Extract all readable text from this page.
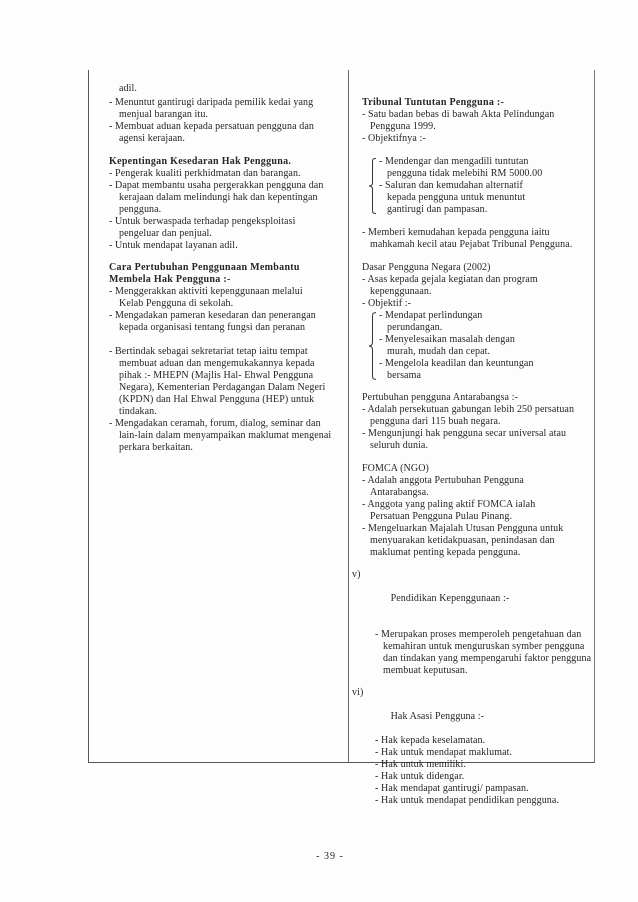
adil.
- Menuntut gantirugi daripada pemilik kedai yang
menjual barangan itu.
- Membuat aduan kepada persatuan pengguna dan
agensi kerajaan.
Kepentingan Kesedaran Hak Pengguna.
- Pengerak kualiti perkhidmatan dan barangan.
- Dapat membantu usaha pergerakkan pengguna dan
kerajaan dalam melindungi hak dan kepentingan
pengguna.
- Untuk berwaspada terhadap pengeksploitasi
pengeluar dan penjual.
- Untuk mendapat layanan adil.
Cara Pertubuhan Penggunaan Membantu
Membela Hak Pengguna :-
- Menggerakkan aktiviti kepenggunaan melalui
Kelab Pengguna di sekolah.
- Mengadakan pameran kesedaran dan penerangan
kepada organisasi tentang fungsi dan peranan
- Bertindak sebagai sekretariat tetap iaitu tempat
membuat aduan dan mengemukakannya kepada
pihak :- MHEPN (Majlis Hal- Ehwal Pengguna
Negara), Kementerian Perdagangan Dalam Negeri
(KPDN) dan Hal Ehwal Pengguna (HEP) untuk
tindakan.
- Mengadakan ceramah, forum, dialog, seminar dan
lain-lain dalam menyampaikan maklumat mengenai
perkara berkaitan.
Tribunal Tuntutan Pengguna :-
- Satu badan bebas di bawah Akta Pelindungan
Pengguna 1999.
- Objektifnya :-
- Mendengar dan mengadili tuntutan
pengguna tidak melebihi RM 5000.00
- Saluran dan kemudahan alternatif
kepada pengguna untuk menuntut
gantirugi dan pampasan.
- Memberi kemudahan kepada pengguna iaitu
mahkamah kecil atau Pejabat Tribunal Pengguna.
Dasar Pengguna Negara (2002)
- Asas kepada gejala kegiatan dan program
kepenggunaan.
- Objektif :-
- Mendapat perlindungan
perundangan.
- Menyelesaikan masalah dengan
murah, mudah dan cepat.
- Mengelola keadilan dan keuntungan
bersama
Pertubuhan pengguna Antarabangsa :-
- Adalah persekutuan gabungan lebih 250 persatuan
pengguna dari 115 buah negara.
- Mengunjungi hak pengguna secar universal atau
seluruh dunia.
FOMCA (NGO)
- Adalah anggota Pertubuhan Pengguna
Antarabangsa.
- Anggota yang paling aktif FOMCA ialah
Persatuan Pengguna Pulau Pinang.
- Mengeluarkan Majalah Utusan Pengguna untuk
menyuarakan ketidakpuasan, penindasan dan
maklumat penting kepada pengguna.

v)

Pendidikan Kepenggunaan :-

- Merupakan proses memperoleh pengetahuan dan
kemahiran untuk menguruskan symber pengguna
dan tindakan yang mempengaruhi faktor pengguna
membuat keputusan.

vi)

Hak Asasi Pengguna :-

- Hak kepada keselamatan.
- Hak untuk mendapat maklumat.
- Hak untuk memiliki.
- Hak untuk didengar.
- Hak mendapat gantirugi/ pampasan.
- Hak untuk mendapat pendidikan pengguna.
- 39 -
